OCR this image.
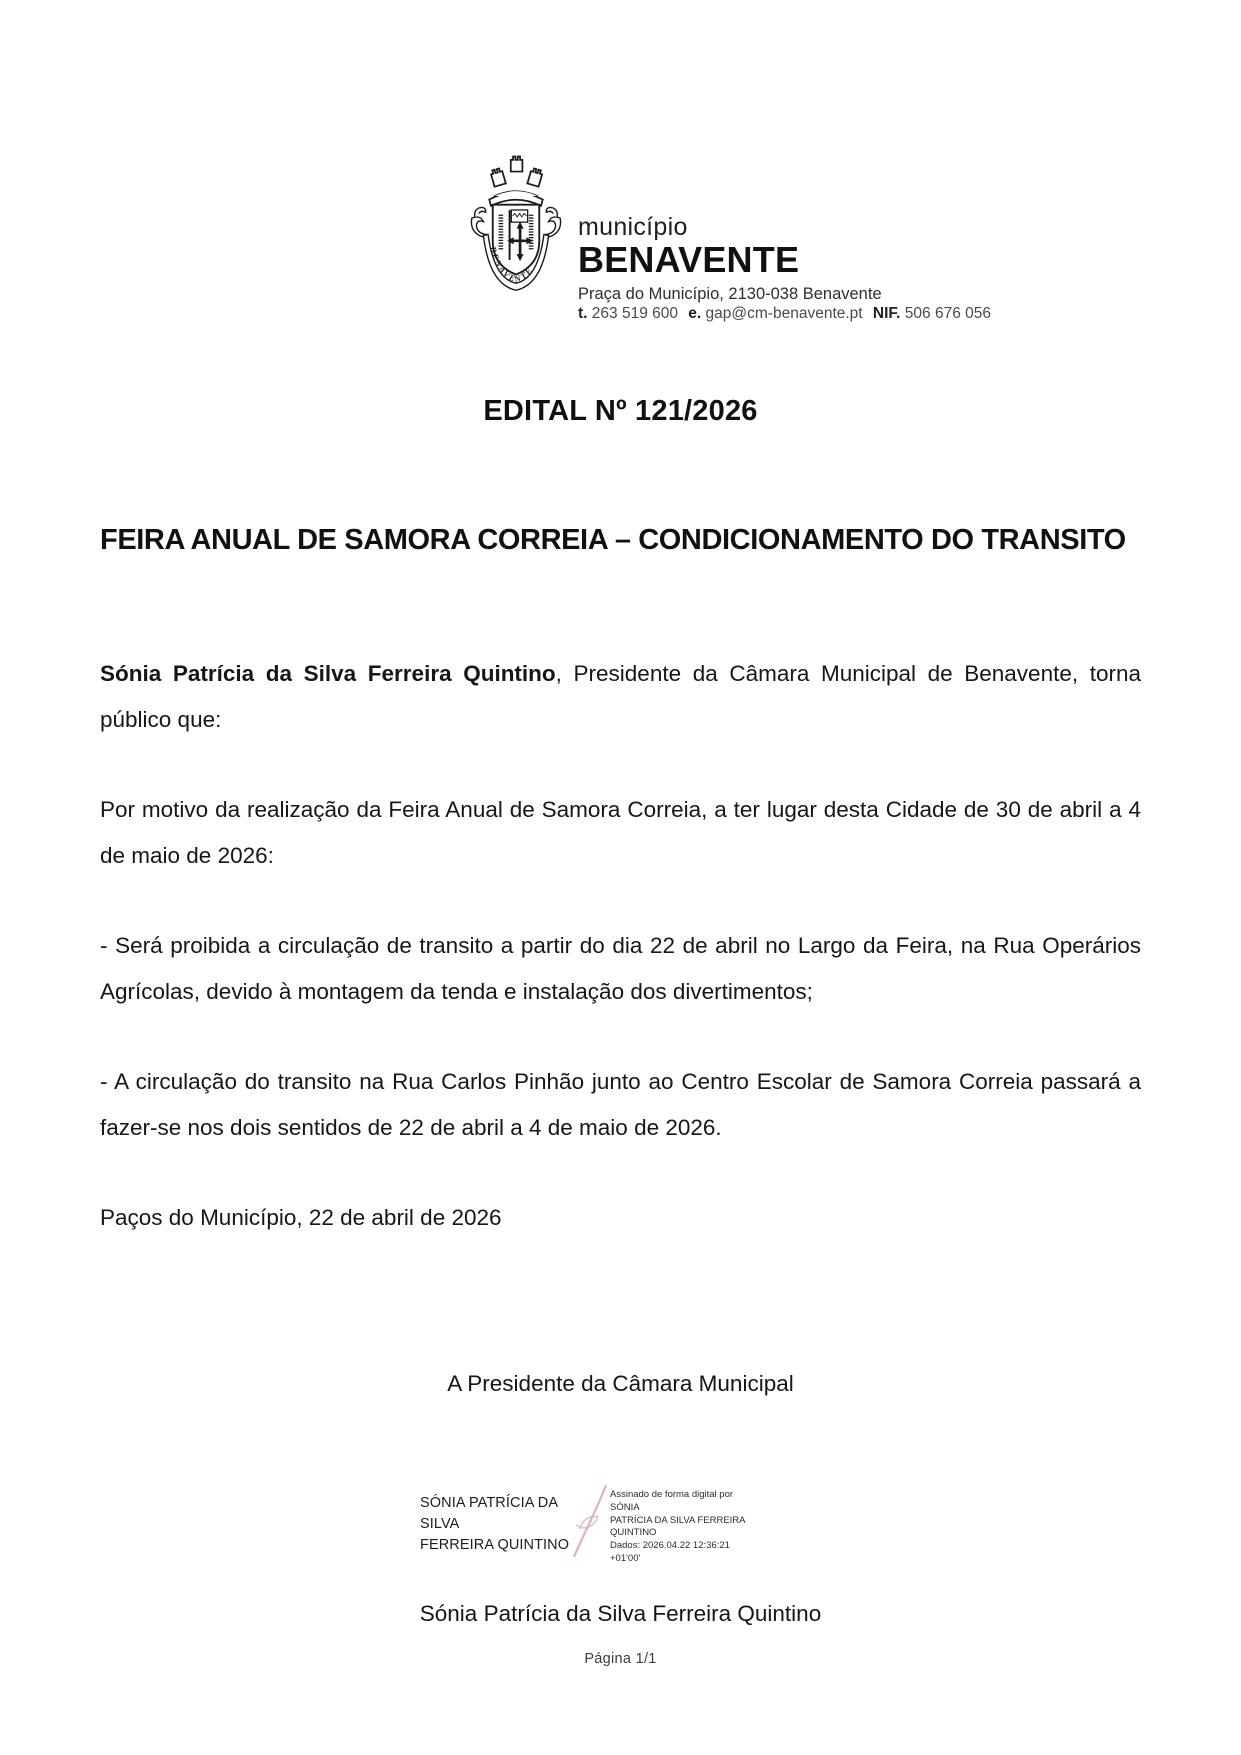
BENAVENTE
município
BENAVENTE
Praça do Município, 2130-038 Benavente
t. 263 519 600 e. gap@cm-benavente.pt NIF. 506 676 056
EDITAL Nº 121/2026
FEIRA ANUAL DE SAMORA CORREIA – CONDICIONAMENTO DO TRANSITO

Sónia Patrícia da Silva Ferreira Quintino, Presidente da Câmara Municipal de Benavente, torna público que:

Por motivo da realização da Feira Anual de Samora Correia, a ter lugar desta Cidade de 30 de abril a 4 de maio de 2026:

- Será proibida a circulação de transito a partir do dia 22 de abril no Largo da Feira, na Rua Operários Agrícolas, devido à montagem da tenda e instalação dos divertimentos;

- A circulação do transito na Rua Carlos Pinhão junto ao Centro Escolar de Samora Correia passará a fazer-se nos dois sentidos de 22 de abril a 4 de maio de 2026.

Paços do Município, 22 de abril de 2026

A Presidente da Câmara Municipal

SÓNIA PATRÍCIA DA SILVA
FERREIRA QUINTINO
Assinado de forma digital por SÓNIA
PATRÍCIA DA SILVA FERREIRA QUINTINO
Dados: 2026.04.22 12:36:21 +01'00'

Sónia Patrícia da Silva Ferreira Quintino

Página 1/1
